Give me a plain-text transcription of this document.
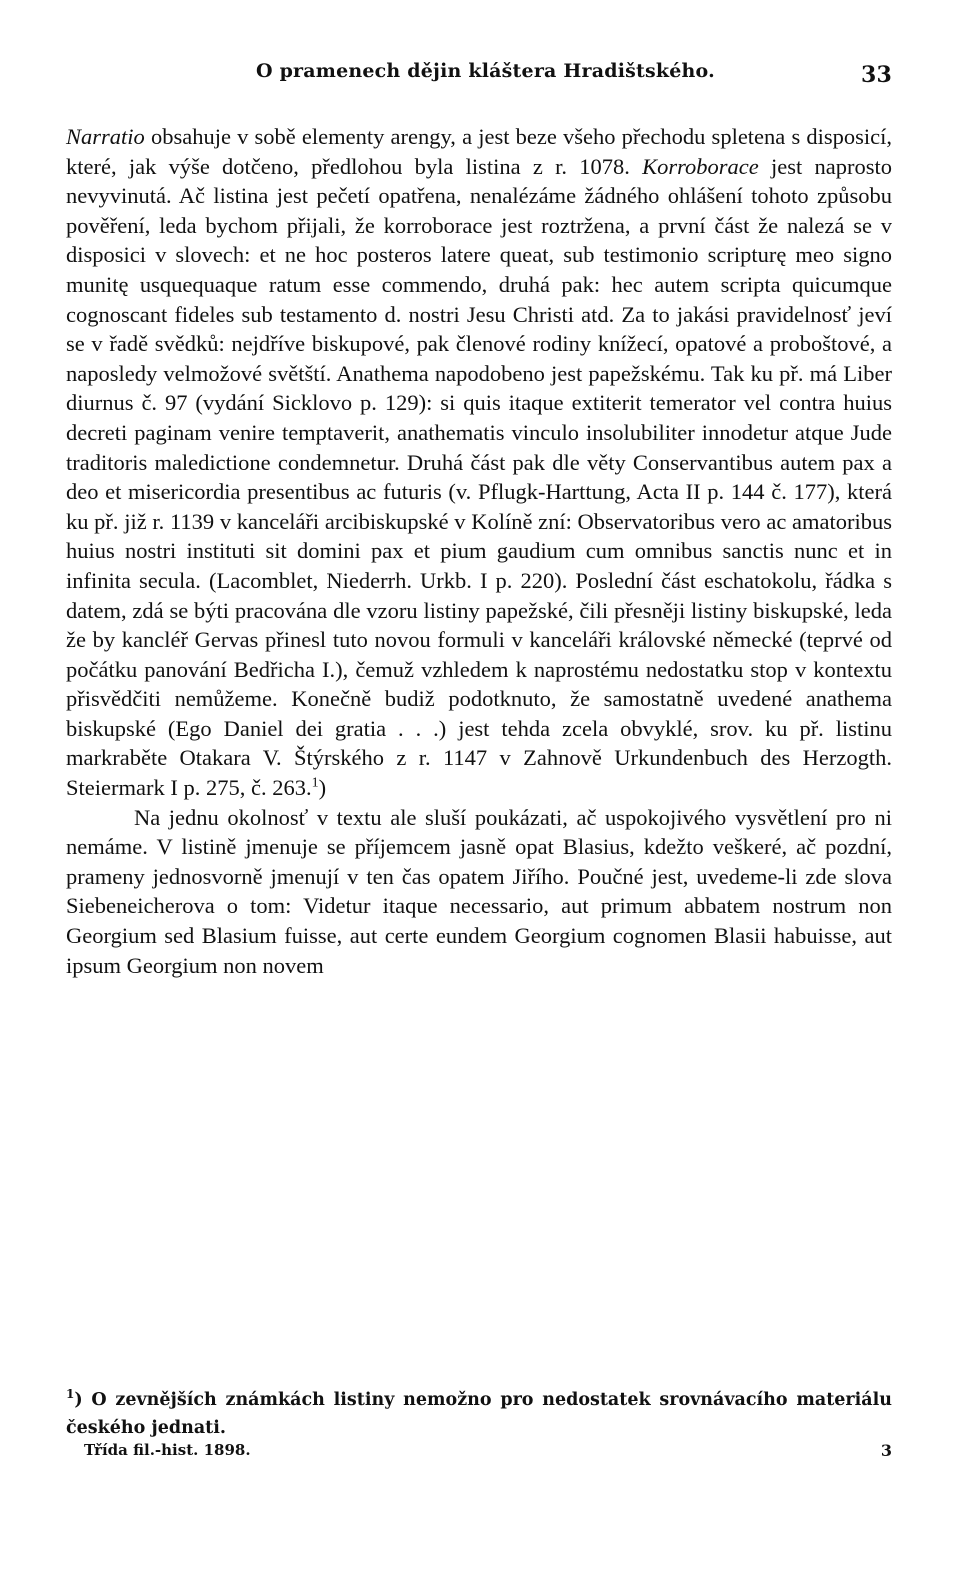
O pramenech dějin kláštera Hradištského.	33

Narratio obsahuje v sobě elementy arengy, a jest beze všeho přechodu spletena s disposicí, které, jak výše dotčeno, předlohou byla listina z r. 1078. Korroborace jest naprosto nevyvinutá. Ač listina jest pečetí opatřena, nenalézáme žádného ohlášení tohoto způsobu pověření, leda bychom přijali, že korroborace jest roztržena, a první část že nalezá se v disposici v slovech: et ne hoc posteros latere queat, sub testimonio scripturę meo signo munitę usquequaque ratum esse commendo, druhá pak: hec autem scripta quicumque cognoscant fideles sub testamento d. nostri Jesu Christi atd. Za to jakási pravidelnosť jeví se v řadě svědků: nejdříve biskupové, pak členové rodiny knížecí, opatové a proboštové, a naposledy velmožové světští. Anathema napodobeno jest papežskému. Tak ku př. má Liber diurnus č. 97 (vydání Sicklovo p. 129): si quis itaque extiterit temerator vel contra huius decreti paginam venire temptaverit, anathematis vinculo insolubiliter innodetur atque Jude traditoris maledictione condemnetur. Druhá část pak dle věty Conservantibus autem pax a deo et misericordia presentibus ac futuris (v. Pflugk-Harttung, Acta II p. 144 č. 177), která ku př. již r. 1139 v kanceláři arcibiskupské v Kolíně zní: Observatoribus vero ac amatoribus huius nostri instituti sit domini pax et pium gaudium cum omnibus sanctis nunc et in infinita secula. (Lacomblet, Niederrh. Urkb. I p. 220). Poslední část eschatokolu, řádka s datem, zdá se býti pracována dle vzoru listiny papežské, čili přesněji listiny biskupské, leda že by kancléř Gervas přinesl tuto novou formuli v kanceláři královské německé (teprvé od počátku panování Bedřicha I.), čemuž vzhledem k naprostému nedostatku stop v kontextu přisvědčiti nemůžeme. Konečně budiž podotknuto, že samostatně uvedené anathema biskupské (Ego Daniel dei gratia . . .) jest tehda zcela obvyklé, srov. ku př. listinu markraběte Otakara V. Štýrského z r. 1147 v Zahnově Urkundenbuch des Herzogth. Steiermark I p. 275, č. 263.$^1$)

Na jednu okolnosť v textu ale sluší poukázati, ač uspokojivého vysvětlení pro ni nemáme. V listině jmenuje se příjemcem jasně opat Blasius, kdežto veškeré, ač pozdní, prameny jednosvorně jmenují v ten čas opatem Jiřího. Poučné jest, uvedeme-li zde slova Siebeneicherova o tom: Videtur itaque necessario, aut primum abbatem nostrum non Georgium sed Blasium fuisse, aut certe eundem Georgium cognomen Blasii habuisse, aut ipsum Georgium non novem

$^1$) O zevnějších známkách listiny nemožno pro nedostatek srovnávacího materiálu českého jednati.
Třída fil.-hist. 1898.	3
